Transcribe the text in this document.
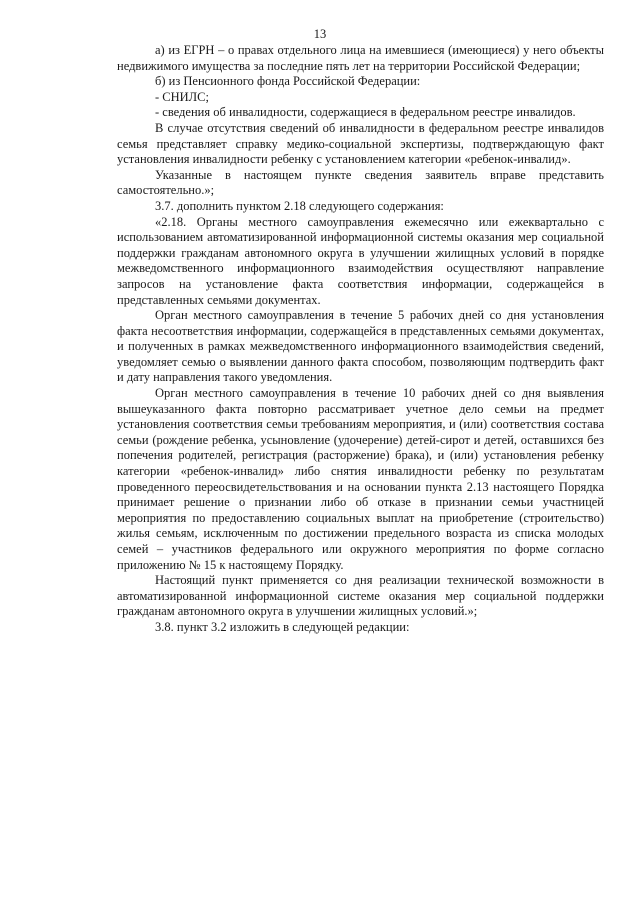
13

а) из ЕГРН – о правах отдельного лица на имевшиеся (имеющиеся) у него объекты недвижимого имущества за последние пять лет на территории Российской Федерации;

б) из Пенсионного фонда Российской Федерации:

- СНИЛС;

- сведения об инвалидности, содержащиеся в федеральном реестре инвалидов.

В случае отсутствия сведений об инвалидности в федеральном реестре инвалидов семья представляет справку медико-социальной экспертизы, подтверждающую факт установления инвалидности ребенку с установлением категории «ребенок-инвалид».

Указанные в настоящем пункте сведения заявитель вправе представить самостоятельно.»;

3.7. дополнить пунктом 2.18 следующего содержания:

«2.18. Органы местного самоуправления ежемесячно или ежеквартально с использованием автоматизированной информационной системы оказания мер социальной поддержки гражданам автономного округа в улучшении жилищных условий в порядке межведомственного информационного взаимодействия осуществляют направление запросов на установление факта соответствия информации, содержащейся в представленных семьями документах.

Орган местного самоуправления в течение 5 рабочих дней со дня установления факта несоответствия информации, содержащейся в представленных семьями документах, и полученных в рамках межведомственного информационного взаимодействия сведений, уведомляет семью о выявлении данного факта способом, позволяющим подтвердить факт и дату направления такого уведомления.

Орган местного самоуправления в течение 10 рабочих дней со дня выявления вышеуказанного факта повторно рассматривает учетное дело семьи на предмет установления соответствия семьи требованиям мероприятия, и (или) соответствия состава семьи (рождение ребенка, усыновление (удочерение) детей-сирот и детей, оставшихся без попечения родителей, регистрация (расторжение) брака), и (или) установления ребенку категории «ребенок-инвалид» либо снятия инвалидности ребенку по результатам проведенного переосвидетельствования и на основании пункта 2.13 настоящего Порядка принимает решение о признании либо об отказе в признании семьи участницей мероприятия по предоставлению социальных выплат на приобретение (строительство) жилья семьям, исключенным по достижении предельного возраста из списка молодых семей – участников федерального или окружного мероприятия по форме согласно приложению № 15 к настоящему Порядку.

Настоящий пункт применяется со дня реализации технической возможности в автоматизированной информационной системе оказания мер социальной поддержки гражданам автономного округа в улучшении жилищных условий.»;

3.8. пункт 3.2 изложить в следующей редакции:
